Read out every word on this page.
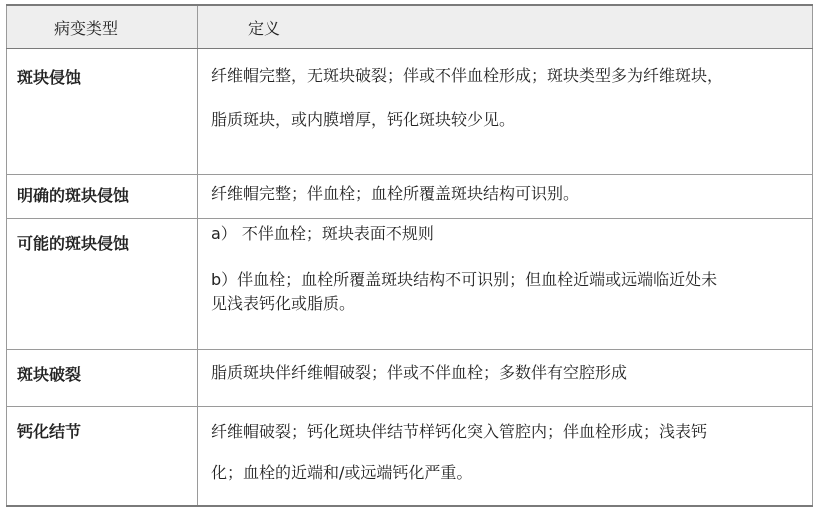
病变类型	定义
斑块侵蚀	纤维帽完整，无斑块破裂；伴或不伴血栓形成；斑块类型多为纤维斑块，
脂质斑块，或内膜增厚，钙化斑块较少见。

明确的斑块侵蚀	纤维帽完整；伴血栓；血栓所覆盖斑块结构可识别。

可能的斑块侵蚀	a） 不伴血栓；斑块表面不规则
b）伴血栓；血栓所覆盖斑块结构不可识别；但血栓近端或远端临近处未
见浅表钙化或脂质。

斑块破裂	脂质斑块伴纤维帽破裂；伴或不伴血栓；多数伴有空腔形成

钙化结节	纤维帽破裂；钙化斑块伴结节样钙化突入管腔内；伴血栓形成；浅表钙
化；血栓的近端和/或远端钙化严重。
